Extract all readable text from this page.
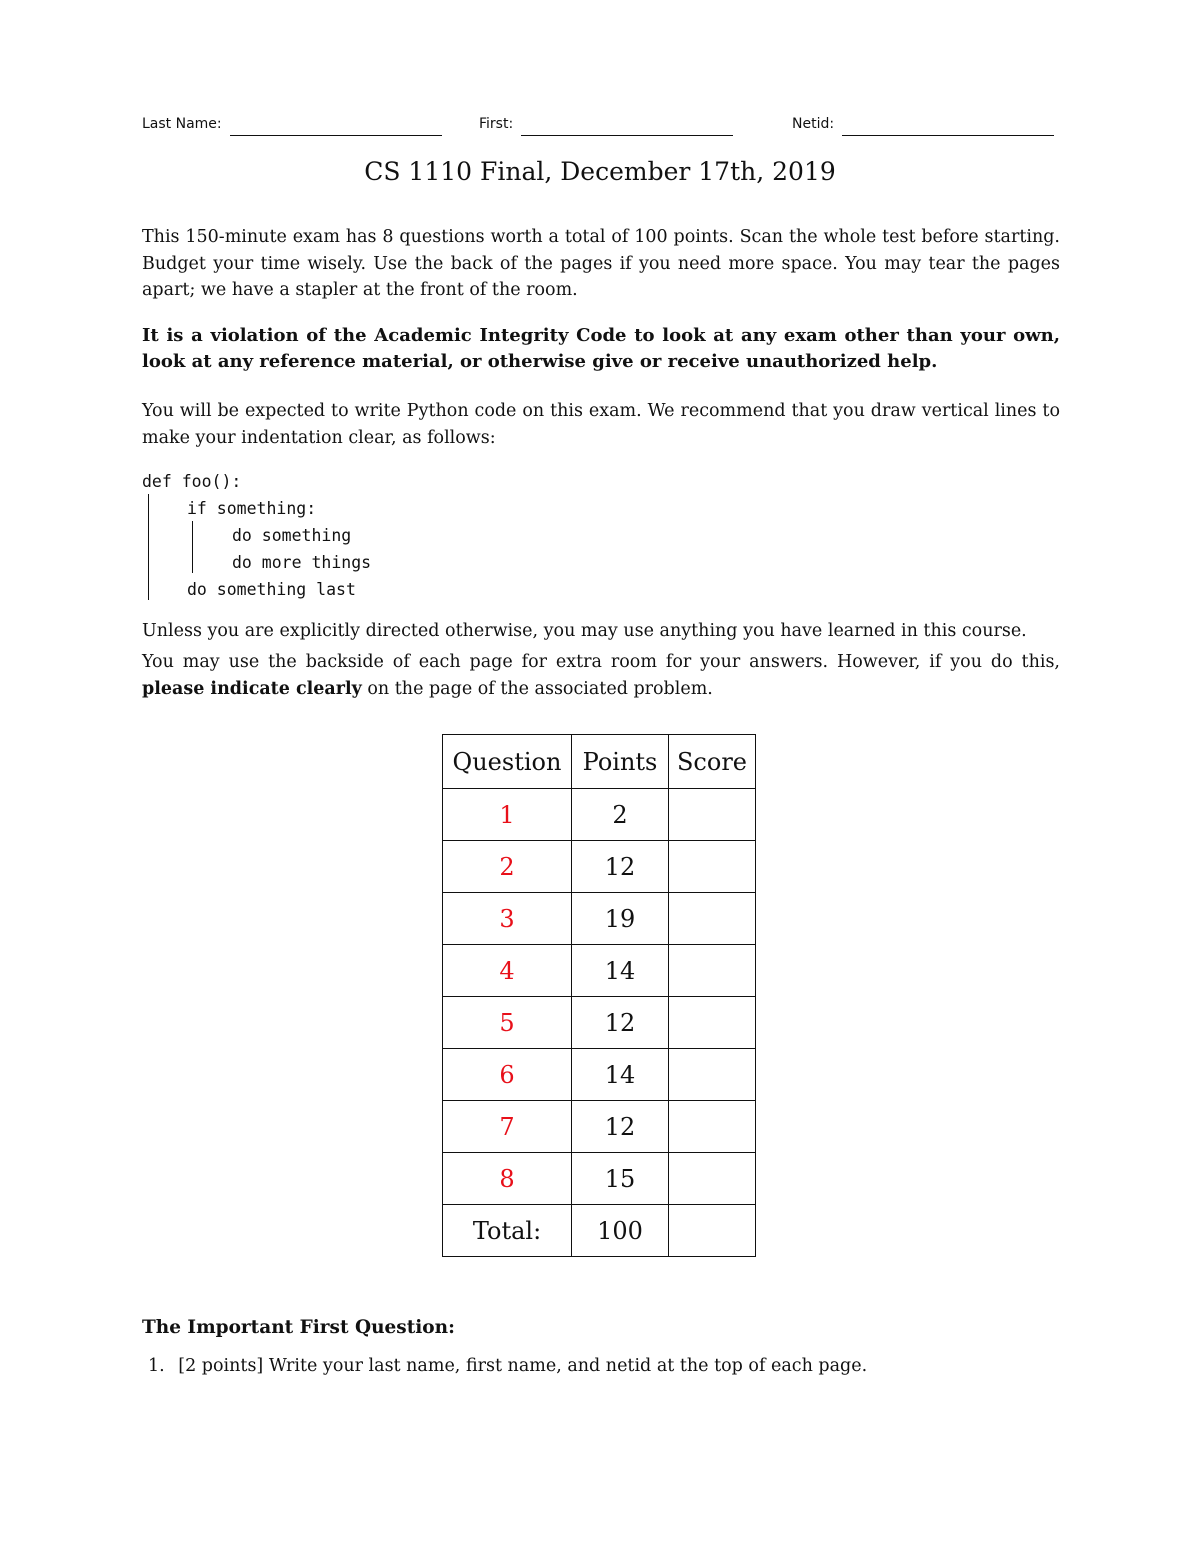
Last Name:	First:	Netid:
CS 1110 Final, December 17th, 2019
This 150-minute exam has 8 questions worth a total of 100 points. Scan the whole test before starting. Budget your time wisely. Use the back of the pages if you need more space. You may tear the pages apart; we have a stapler at the front of the room.
It is a violation of the Academic Integrity Code to look at any exam other than your own, look at any reference material, or otherwise give or receive unauthorized help.
You will be expected to write Python code on this exam. We recommend that you draw vertical lines to make your indentation clear, as follows:
def foo():
if something:
do something
do more things
do something last
Unless you are explicitly directed otherwise, you may use anything you have learned in this course.
You may use the backside of each page for extra room for your answers. However, if you do this, please indicate clearly on the page of the associated problem.
Question	Points	Score
1	2	
2	12	
3	19	
4	14	
5	12	
6	14	
7	12	
8	15	
Total:	100	
The Important First Question:
1. [2 points] Write your last name, first name, and netid at the top of each page.
